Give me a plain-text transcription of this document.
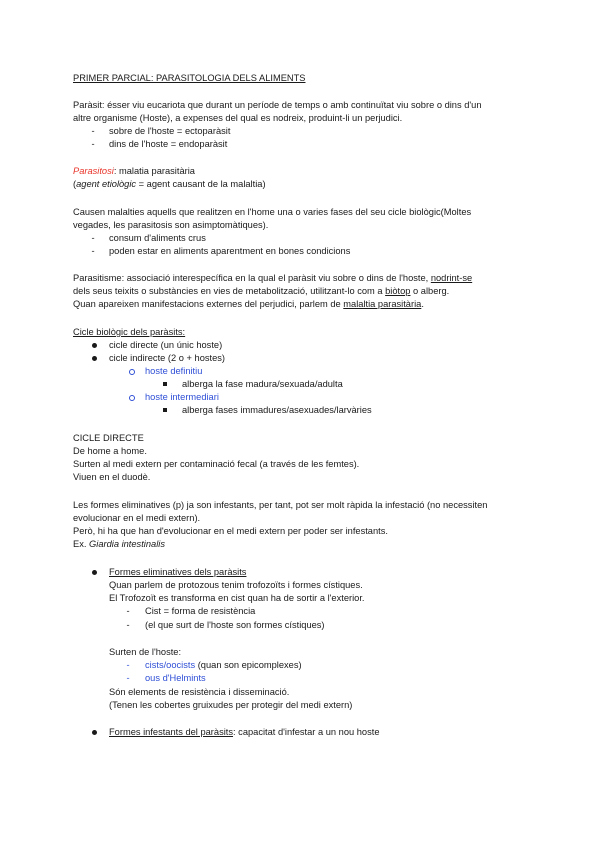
PRIMER PARCIAL: PARASITOLOGIA DELS ALIMENTS
Paràsit: ésser viu eucariota que durant un període de temps o amb continuïtat viu sobre o dins d'un
altre organisme (Hoste), a expenses del qual es nodreix, produint-li un perjudici.
-	sobre de l'hoste = ectoparàsit
-	dins de l'hoste = endoparàsit
Parasitosi: malatia parasitària
(agent etiològic = agent causant de la malaltia)
Causen malalties aquells que realitzen en l'home una o varies fases del seu cicle biològic(Moltes
vegades, les parasitosis son asimptomàtiques).
-	consum d'aliments crus
-	poden estar en aliments aparentment en bones condicions
Parasitisme: associació interespecífica en la qual el paràsit viu sobre o dins de l'hoste, nodrint-se
dels seus teixits o substàncies en vies de metabolització, utilitzant-lo com a biòtop o alberg.
Quan apareixen manifestacions externes del perjudici, parlem de malaltia parasitària.
Cicle biològic dels paràsits:
cicle directe (un únic hoste)
cicle indirecte (2 o + hostes)
hoste definitiu
alberga la fase madura/sexuada/adulta
hoste intermediari
alberga fases immadures/asexuades/larvàries
CICLE DIRECTE
De home a home.
Surten al medi extern per contaminació fecal (a través de les femtes).
Viuen en el duodè.
Les formes eliminatives (p) ja son infestants, per tant, pot ser molt ràpida la infestació (no necessiten
evolucionar en el medi extern).
Però, hi ha que han d'evolucionar en el medi extern per poder ser infestants.
Ex. Giardia intestinalis
Formes eliminatives dels paràsits
Quan parlem de protozous tenim trofozoïts i formes cístiques.
El Trofozoït es transforma en cist quan ha de sortir a l'exterior.
-	Cist = forma de resistència
-	(el que surt de l'hoste son formes cístiques)
Surten de l'hoste:
-	cists/oocists (quan son epicomplexes)
-	ous d'Helmints
Són elements de resistència i disseminació.
(Tenen les cobertes gruixudes per protegir del medi extern)
Formes infestants del paràsits: capacitat d'infestar a un nou hoste
